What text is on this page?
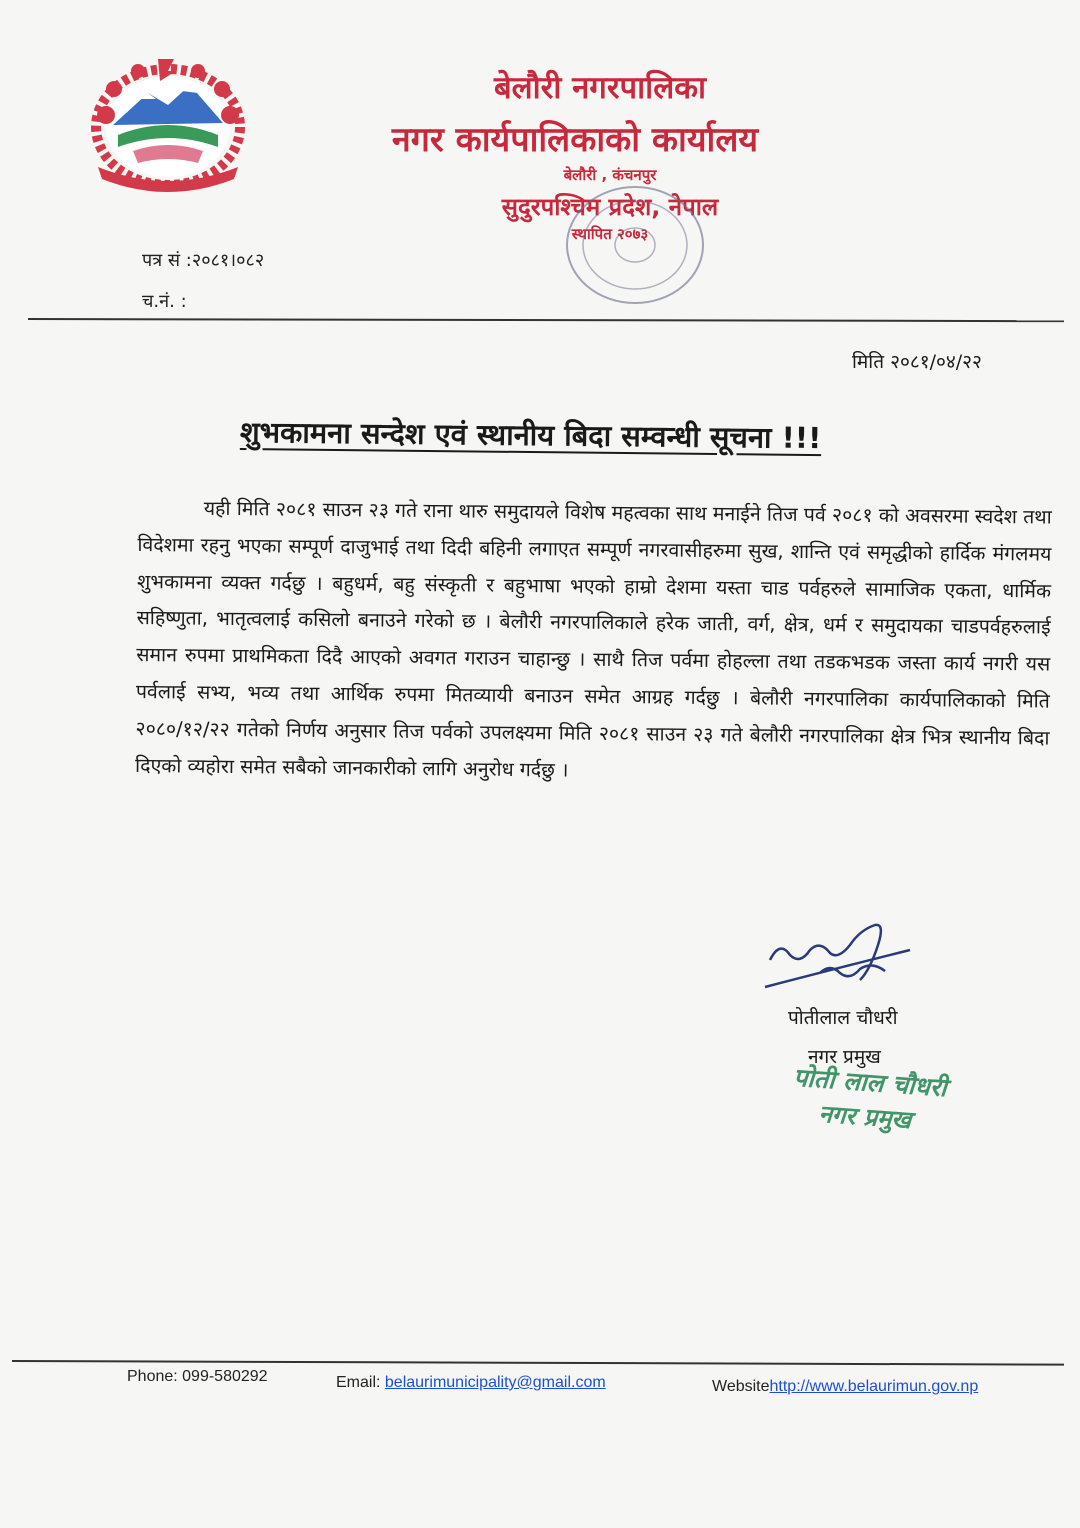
बेलौरी नगरपालिका
नगर कार्यपालिकाको कार्यालय
बेलौरी , कंचनपुर
सुदुरपश्चिम प्रदेश, नेपाल
स्थापित २०७३
पत्र सं :२०८१।०८२
च.नं. :
मिति २०८१/०४/२२
शुभकामना सन्देश एवं स्थानीय बिदा सम्वन्धी सूचना !!!
यही मिति २०८१ साउन २३ गते राना थारु समुदायले विशेष महत्वका साथ मनाईने तिज पर्व २०८१ को अवसरमा स्वदेश तथा विदेशमा रहनु भएका सम्पूर्ण दाजुभाई तथा दिदी बहिनी लगाएत सम्पूर्ण नगरवासीहरुमा सुख, शान्ति एवं समृद्धीको हार्दिक मंगलमय शुभकामना व्यक्त गर्दछु । बहुधर्म, बहु संस्कृती र बहुभाषा भएको हाम्रो देशमा यस्ता चाड पर्वहरुले सामाजिक एकता, धार्मिक सहिष्णुता, भातृत्वलाई कसिलो बनाउने गरेको छ । बेलौरी नगरपालिकाले हरेक जाती, वर्ग, क्षेत्र, धर्म र समुदायका चाडपर्वहरुलाई समान रुपमा प्राथमिकता दिदै आएको अवगत गराउन चाहान्छु । साथै तिज पर्वमा होहल्ला तथा तडकभडक जस्ता कार्य नगरी यस पर्वलाई सभ्य, भव्य तथा आर्थिक रुपमा मितव्यायी बनाउन समेत आग्रह गर्दछु । बेलौरी नगरपालिका कार्यपालिकाको मिति २०८०/१२/२२ गतेको निर्णय अनुसार तिज पर्वको उपलक्ष्यमा मिति २०८१ साउन २३ गते बेलौरी नगरपालिका क्षेत्र भित्र स्थानीय बिदा दिएको व्यहोरा समेत सबैको जानकारीको लागि अनुरोध गर्दछु ।
पोतीलाल चौधरी
नगर प्रमुख
पोती लाल चौधरी
नगर प्रमुख
Phone: 099-580292	Email: belaurimunicipality@gmail.com	Websitehttp://www.belaurimun.gov.np
